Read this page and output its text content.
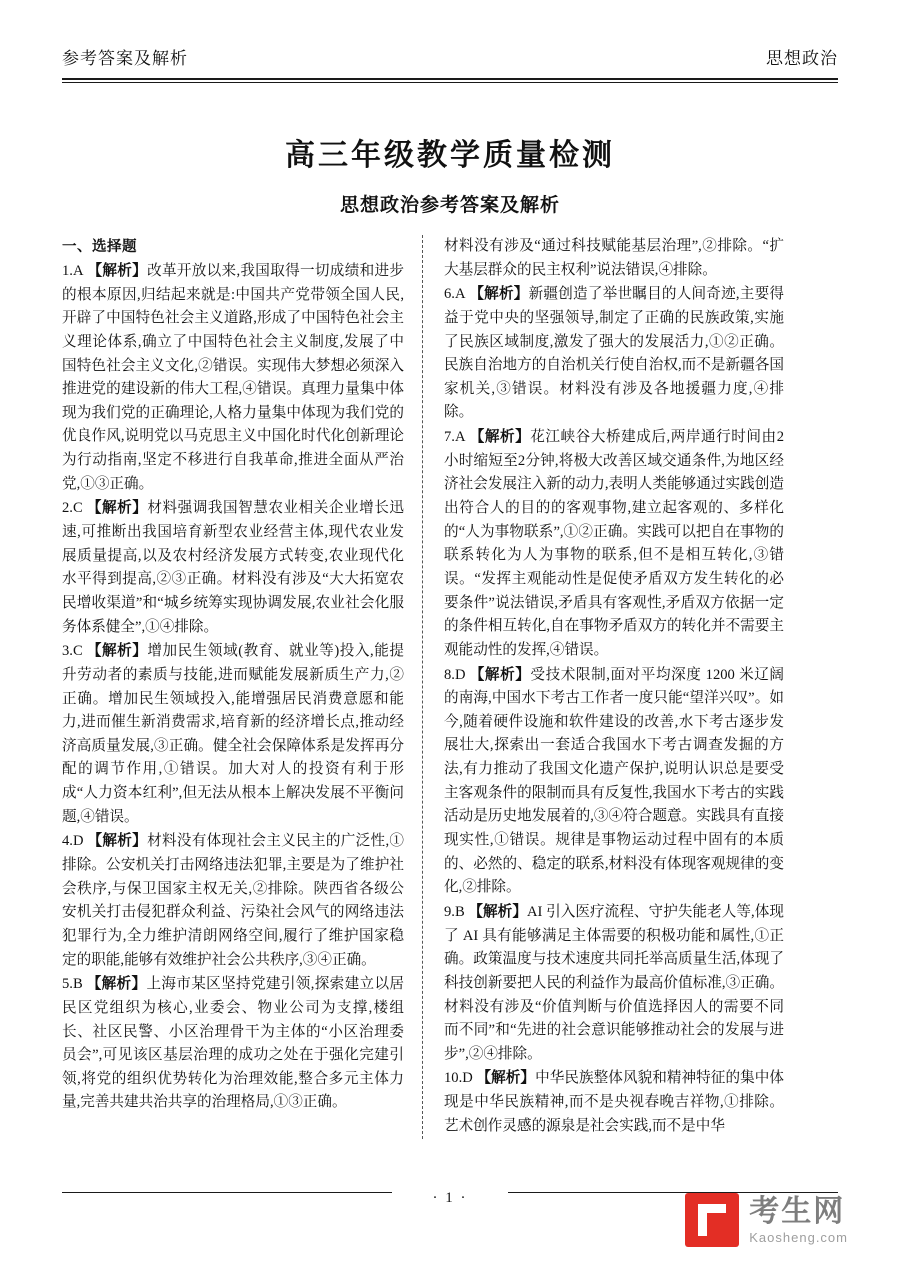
参考答案及解析	思想政治
高三年级教学质量检测
思想政治参考答案及解析
一、选择题
1.A 【解析】改革开放以来,我国取得一切成绩和进步的根本原因,归结起来就是:中国共产党带领全国人民,开辟了中国特色社会主义道路,形成了中国特色社会主义理论体系,确立了中国特色社会主义制度,发展了中国特色社会主义文化,②错误。实现伟大梦想必须深入推进党的建设新的伟大工程,④错误。真理力量集中体现为我们党的正确理论,人格力量集中体现为我们党的优良作风,说明党以马克思主义中国化时代化创新理论为行动指南,坚定不移进行自我革命,推进全面从严治党,①③正确。
2.C 【解析】材料强调我国智慧农业相关企业增长迅速,可推断出我国培育新型农业经营主体,现代农业发展质量提高,以及农村经济发展方式转变,农业现代化水平得到提高,②③正确。材料没有涉及“大大拓宽农民增收渠道”和“城乡统筹实现协调发展,农业社会化服务体系健全”,①④排除。
3.C 【解析】增加民生领域(教育、就业等)投入,能提升劳动者的素质与技能,进而赋能发展新质生产力,②正确。增加民生领域投入,能增强居民消费意愿和能力,进而催生新消费需求,培育新的经济增长点,推动经济高质量发展,③正确。健全社会保障体系是发挥再分配的调节作用,①错误。加大对人的投资有利于形成“人力资本红利”,但无法从根本上解决发展不平衡问题,④错误。
4.D 【解析】材料没有体现社会主义民主的广泛性,①排除。公安机关打击网络违法犯罪,主要是为了维护社会秩序,与保卫国家主权无关,②排除。陕西省各级公安机关打击侵犯群众利益、污染社会风气的网络违法犯罪行为,全力维护清朗网络空间,履行了维护国家稳定的职能,能够有效维护社会公共秩序,③④正确。
5.B 【解析】上海市某区坚持党建引领,探索建立以居民区党组织为核心,业委会、物业公司为支撑,楼组长、社区民警、小区治理骨干为主体的“小区治理委员会”,可见该区基层治理的成功之处在于强化完建引领,将党的组织优势转化为治理效能,整合多元主体力量,完善共建共治共享的治理格局,①③正确。
材料没有涉及“通过科技赋能基层治理”,②排除。“扩大基层群众的民主权利”说法错误,④排除。
6.A 【解析】新疆创造了举世瞩目的人间奇迹,主要得益于党中央的坚强领导,制定了正确的民族政策,实施了民族区域制度,激发了强大的发展活力,①②正确。民族自治地方的自治机关行使自治权,而不是新疆各国家机关,③错误。材料没有涉及各地援疆力度,④排除。
7.A 【解析】花江峡谷大桥建成后,两岸通行时间由2小时缩短至2分钟,将极大改善区域交通条件,为地区经济社会发展注入新的动力,表明人类能够通过实践创造出符合人的目的的客观事物,建立起客观的、多样化的“人为事物联系”,①②正确。实践可以把自在事物的联系转化为人为事物的联系,但不是相互转化,③错误。“发挥主观能动性是促使矛盾双方发生转化的必要条件”说法错误,矛盾具有客观性,矛盾双方依据一定的条件相互转化,自在事物矛盾双方的转化并不需要主观能动性的发挥,④错误。
8.D 【解析】受技术限制,面对平均深度 1200 米辽阔的南海,中国水下考古工作者一度只能“望洋兴叹”。如今,随着硬件设施和软件建设的改善,水下考古逐步发展壮大,探索出一套适合我国水下考古调查发掘的方法,有力推动了我国文化遗产保护,说明认识总是要受主客观条件的限制而具有反复性,我国水下考古的实践活动是历史地发展着的,③④符合题意。实践具有直接现实性,①错误。规律是事物运动过程中固有的本质的、必然的、稳定的联系,材料没有体现客观规律的变化,②排除。
9.B 【解析】AI 引入医疗流程、守护失能老人等,体现了 AI 具有能够满足主体需要的积极功能和属性,①正确。政策温度与技术速度共同托举高质量生活,体现了科技创新要把人民的利益作为最高价值标准,③正确。材料没有涉及“价值判断与价值选择因人的需要不同而不同”和“先进的社会意识能够推动社会的发展与进步”,②④排除。
10.D 【解析】中华民族整体风貌和精神特征的集中体现是中华民族精神,而不是央视春晚吉祥物,①排除。艺术创作灵感的源泉是社会实践,而不是中华
· 1 ·	考生网
Kaosheng.com
